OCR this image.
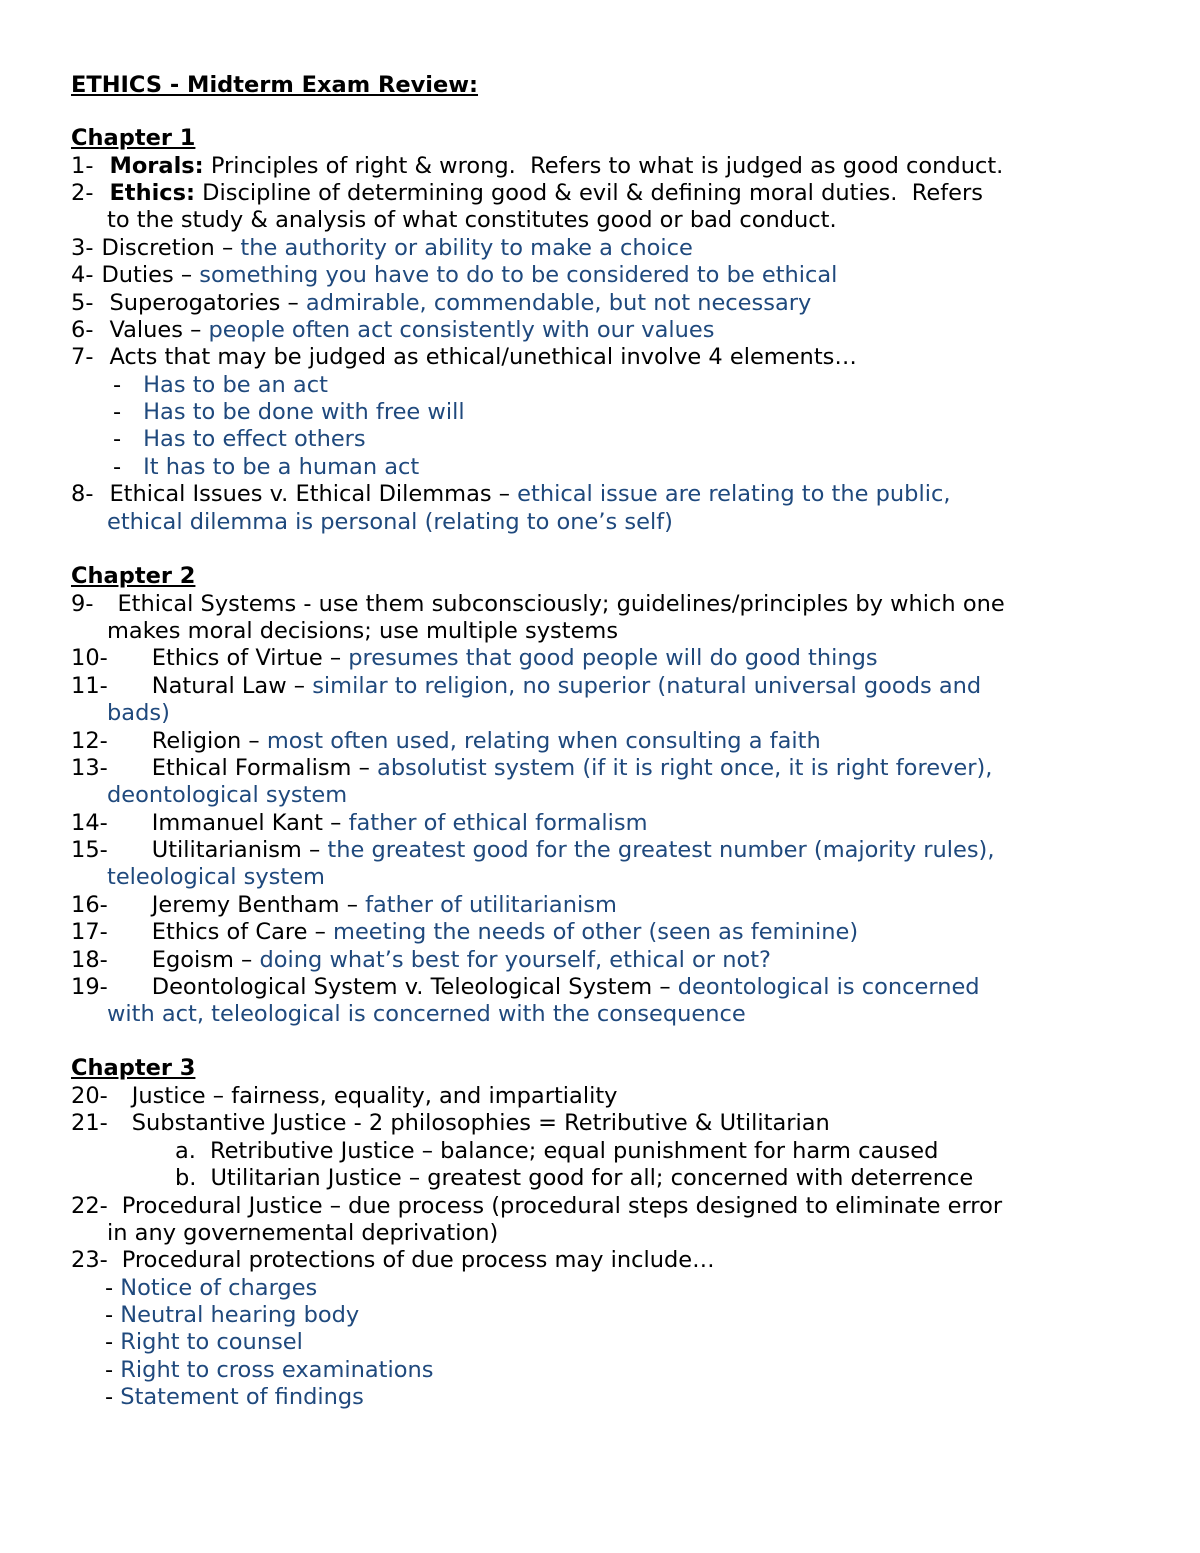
ETHICS - Midterm Exam Review:
Chapter 1
1- Morals: Principles of right & wrong.  Refers to what is judged as good conduct.
2- Ethics: Discipline of determining good & evil & defining moral duties.  Refers
to the study & analysis of what constitutes good or bad conduct.
3- Discretion – the authority or ability to make a choice
4- Duties – something you have to do to be considered to be ethical
5- Superogatories – admirable, commendable, but not necessary
6- Values – people often act consistently with our values
7- Acts that may be judged as ethical/unethical involve 4 elements…
- Has to be an act
- Has to be done with free will
- Has to effect others
- It has to be a human act
8- Ethical Issues v. Ethical Dilemmas – ethical issue are relating to the public,
ethical dilemma is personal (relating to one’s self)
Chapter 2
9- Ethical Systems - use them subconsciously; guidelines/principles by which one
makes moral decisions; use multiple systems
10- Ethics of Virtue – presumes that good people will do good things
11- Natural Law – similar to religion, no superior (natural universal goods and
bads)
12- Religion – most often used, relating when consulting a faith
13- Ethical Formalism – absolutist system (if it is right once, it is right forever),
deontological system
14- Immanuel Kant – father of ethical formalism
15- Utilitarianism – the greatest good for the greatest number (majority rules),
teleological system
16- Jeremy Bentham – father of utilitarianism
17- Ethics of Care – meeting the needs of other (seen as feminine)
18- Egoism – doing what’s best for yourself, ethical or not?
19- Deontological System v. Teleological System – deontological is concerned
with act, teleological is concerned with the consequence
Chapter 3
20- Justice – fairness, equality, and impartiality
21- Substantive Justice - 2 philosophies = Retributive & Utilitarian
a. Retributive Justice – balance; equal punishment for harm caused
b. Utilitarian Justice – greatest good for all; concerned with deterrence
22- Procedural Justice – due process (procedural steps designed to eliminate error
in any governemental deprivation)
23- Procedural protections of due process may include…
- Notice of charges
- Neutral hearing body
- Right to counsel
- Right to cross examinations
- Statement of findings
